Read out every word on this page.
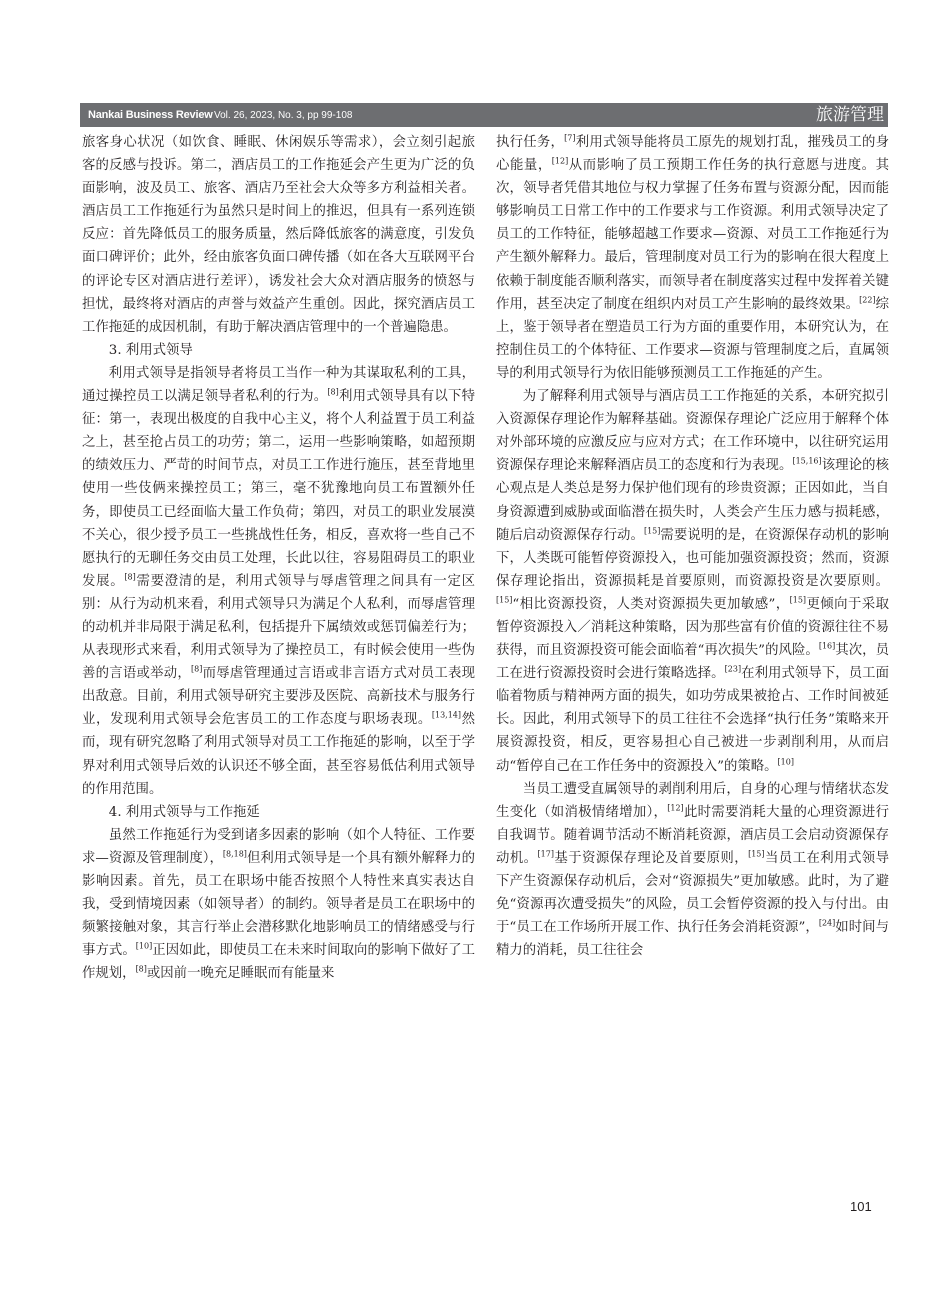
Nankai Business Review Vol. 26, 2023, No. 3, pp 99-108	旅游管理

旅客身心状况（如饮食、睡眠、休闲娱乐等需求），会立刻引起旅客的反感与投诉。第二，酒店员工的工作拖延会产生更为广泛的负面影响，波及员工、旅客、酒店乃至社会大众等多方利益相关者。酒店员工工作拖延行为虽然只是时间上的推迟，但具有一系列连锁反应：首先降低员工的服务质量，然后降低旅客的满意度，引发负面口碑评价；此外，经由旅客负面口碑传播（如在各大互联网平台的评论专区对酒店进行差评），诱发社会大众对酒店服务的愤怒与担忧，最终将对酒店的声誉与效益产生重创。因此，探究酒店员工工作拖延的成因机制，有助于解决酒店管理中的一个普遍隐患。

3. 利用式领导

利用式领导是指领导者将员工当作一种为其谋取私利的工具，通过操控员工以满足领导者私利的行为。[8]利用式领导具有以下特征：第一，表现出极度的自我中心主义，将个人利益置于员工利益之上，甚至抢占员工的功劳；第二，运用一些影响策略，如超预期的绩效压力、严苛的时间节点，对员工工作进行施压，甚至背地里使用一些伎俩来操控员工；第三，毫不犹豫地向员工布置额外任务，即使员工已经面临大量工作负荷；第四，对员工的职业发展漠不关心，很少授予员工一些挑战性任务，相反，喜欢将一些自己不愿执行的无聊任务交由员工处理，长此以往，容易阻碍员工的职业发展。[8]需要澄清的是，利用式领导与辱虐管理之间具有一定区别：从行为动机来看，利用式领导只为满足个人私利，而辱虐管理的动机并非局限于满足私利，包括提升下属绩效或惩罚偏差行为；从表现形式来看，利用式领导为了操控员工，有时候会使用一些伪善的言语或举动，[8]而辱虐管理通过言语或非言语方式对员工表现出敌意。目前，利用式领导研究主要涉及医院、高新技术与服务行业，发现利用式领导会危害员工的工作态度与职场表现。[13,14]然而，现有研究忽略了利用式领导对员工工作拖延的影响，以至于学界对利用式领导后效的认识还不够全面，甚至容易低估利用式领导的作用范围。

4. 利用式领导与工作拖延

虽然工作拖延行为受到诸多因素的影响（如个人特征、工作要求—资源及管理制度），[8,18]但利用式领导是一个具有额外解释力的影响因素。首先，员工在职场中能否按照个人特性来真实表达自我，受到情境因素（如领导者）的制约。领导者是员工在职场中的频繁接触对象，其言行举止会潜移默化地影响员工的情绪感受与行事方式。[10]正因如此，即使员工在未来时间取向的影响下做好了工作规划，[8]或因前一晚充足睡眠而有能量来

执行任务，[7]利用式领导能将员工原先的规划打乱，摧残员工的身心能量，[12]从而影响了员工预期工作任务的执行意愿与进度。其次，领导者凭借其地位与权力掌握了任务布置与资源分配，因而能够影响员工日常工作中的工作要求与工作资源。利用式领导决定了员工的工作特征，能够超越工作要求—资源、对员工工作拖延行为产生额外解释力。最后，管理制度对员工行为的影响在很大程度上依赖于制度能否顺利落实，而领导者在制度落实过程中发挥着关键作用，甚至决定了制度在组织内对员工产生影响的最终效果。[22]综上，鉴于领导者在塑造员工行为方面的重要作用，本研究认为，在控制住员工的个体特征、工作要求—资源与管理制度之后，直属领导的利用式领导行为依旧能够预测员工工作拖延的产生。

为了解释利用式领导与酒店员工工作拖延的关系，本研究拟引入资源保存理论作为解释基础。资源保存理论广泛应用于解释个体对外部环境的应激反应与应对方式；在工作环境中，以往研究运用资源保存理论来解释酒店员工的态度和行为表现。[15,16]该理论的核心观点是人类总是努力保护他们现有的珍贵资源；正因如此，当自身资源遭到威胁或面临潜在损失时，人类会产生压力感与损耗感，随后启动资源保存行动。[15]需要说明的是，在资源保存动机的影响下，人类既可能暂停资源投入，也可能加强资源投资；然而，资源保存理论指出，资源损耗是首要原则，而资源投资是次要原则。[15]“相比资源投资，人类对资源损失更加敏感”，[15]更倾向于采取暂停资源投入／消耗这种策略，因为那些富有价值的资源往往不易获得，而且资源投资可能会面临着“再次损失”的风险。[16]其次，员工在进行资源投资时会进行策略选择。[23]在利用式领导下，员工面临着物质与精神两方面的损失，如功劳成果被抢占、工作时间被延长。因此，利用式领导下的员工往往不会选择“执行任务”策略来开展资源投资，相反，更容易担心自己被进一步剥削利用，从而启动“暂停自己在工作任务中的资源投入”的策略。[10]

当员工遭受直属领导的剥削利用后，自身的心理与情绪状态发生变化（如消极情绪增加），[12]此时需要消耗大量的心理资源进行自我调节。随着调节活动不断消耗资源，酒店员工会启动资源保存动机。[17]基于资源保存理论及首要原则，[15]当员工在利用式领导下产生资源保存动机后，会对“资源损失”更加敏感。此时，为了避免“资源再次遭受损失”的风险，员工会暂停资源的投入与付出。由于“员工在工作场所开展工作、执行任务会消耗资源”，[24]如时间与精力的消耗，员工往往会

101
